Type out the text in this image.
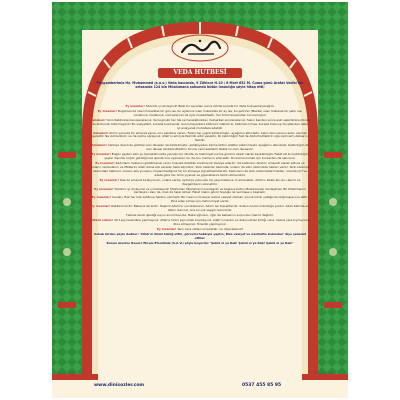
VEDA HUTBESİ
Peygamberimiz Hz. Muhammed (s.a.v.) Veda haccında, 9 Zilhicce H.10 / 6 Mart 632 M. Cuma günü Arafat Vadisi'nin ortasında 124 bin Müslümana şahsında bütün insanlığa şöyle hitap etti;

Ey insanlar! Sözümü iyi dinleyiniz! Belki bu seneden sonra sizinle burada bir daha buluşamayacağım.

Ey insanlar! Bugünleriniz nasıl mukaddes bir gün ise, bu aylarınız nasıl mukaddes bir ay ise, bu şehriniz (Mekke) nasıl mübarek bir şehir ise, canlarınız, mallarınız, namuslarınız da öyle mukaddestir, her türlü tecavüzden korunmuştur.

Ashabım! Yarın Rabbinize kavuşacaksınız. Ve bugünkü her hal ve hareketinizden muhakkak sorulacaksınız. Sakın benden sonra eski sapıklıklara dönüp de birbirinizi öldürmeyiniz! Bu vasiyetimi, burada bulunanlar, bulunmayanlara bildirsin! Olabilir ki, bildirilen kimse, burada bulunup ta işitenden daha iyi anlayarak muhafaza edebilir.

Ashabım! Kimin yanında bir emanet varsa, onu sahibine versin. Faizin her çeşidi kaldırılmıştır, ayağımın altındadır. Lakin borcunuzun aslını vermek gerektir. Ne zulmedinizi, ne de zulme uğrayınız. Allah'ın emriyle faizcilik artık yasaktır. Ilk kaldırdığım faiz de Abdulmuttalib'in oğlu (amcam) Abbas'ın faizidir.

Ashabım! Cahiliye devrinde güdülen kan davaları da kaldırılmıştır, ashâbiyeden kalma bütün adetler kaldırılmıştır. Ayağımın altındadır. Kaldırdığım ilk kan davası Abdulmuttalib'in torunu (amcazadem) Rabia'nın kan davasıdır.

Ey insanlar! Bugün şeytan sizin şu topraklarınızda yeniden bir otorite ve hakimiyet kurma gücünü ebedi olarak kaybetmiştir. Fakat siz bu kaldırdığım şeyler dışında, küçük gördüğünüz işlerde ona uyarsanız, bu da onu memnun edecektir. Dininizi korumak için bunlardan da sakınınız.

Ey insanlar! Kadınların haklarını gözetmenizi ve bu hususta Allahtan korkmanızı tavsiye ederim. Siz kadınları, Allah'ın emaneti olarak aldınız ve onların namuslarını ve iffetlerini Allah adına söz vererek helal edindiniz. Sizin kadınlar üzerinde, onların da sizin üzerinizde hakları vardır. Sizin kadınlar üzerindeki hakkınız, onların aile yuvasını, hoşlanmadığınız hiç bir kimseye çiğnetmemeleridir. Kadınların da sizin üzerinizdeki hakları, marufa (örf ve adete göre her türlü yiyecek ve giyeceklerini temin etmenizdir.

Ey insanlar! Size iki emanet bırakıyorum, onlara sarılıp uydukça yolunuzu hiç şaşırmazsınız. O emanetler, Allah'ın kitabı Kur-an-ı Kerim ve Peygamberin sünnetidir.

Ey insanlar! Sözümü iyi dinleyiniz ve iyi belleyiniz! Müslüman Müslümanın kardeşidir ve böylece bütün Müslümanlar kardeştirler. Bir Müslümanın kardeşinin kanı da, malı da helal olmaz. Fakat malını gönül hoşluğu ile vermişse o başkadır.

Ey insanlar! Cenab-ı Hak her hak sahibine hakkını vermiştir. Bir insanın mirasçısı lehine vasiyet olamaz. Çocuk kimin yatağında doğmuşsa ona aittir. Zina eden kimse için mahrumiyet vardır.

Ey insanlar! Rabbiniz birdir. Babanız da birdir. Hepiniz Adem'in çocuklarısınız. Adem ise topraktandır. Arabın Acemi üstünlüğü yoktur. Allah katında en üstün olanınız, ona en çok saygılı olanınızdır.

Herkes kendi işlediği suçun sorumlusudur. Baba oğlunun, oğlu da babasının suçundan mes'ul değildir.

Dikkat ediniz! dört şeyi kesinlikle yapmayınız: Allah'a hiçbir şeyi ortak koşmayınız. Allah'ın haram ve dokunulmaz kıldığı cana, haksız yere kıymayınız. Zina etmeyiniz. Hırsızlık yapmayınız.

Ey insanlar! Yarın beni sizden soracaklar, ne diyeceksiniz?

Ashab birden şöyle dediler: 'Allah'ın dinini tebliğ ettin, görevini hakkıyla yaptın, Bize vasiyet ve nasihatte bulundun' diye şahadet ettiler.

Bunun üzerine Resul-i Ekrem Efendimiz (S.A.V.) şöyle buyurdu: 'Şahid ol ya Rab! Şahid ol ya Rab! Şahid ol ya Rab!'

B25D716-H3G9	B25D716-H3G9
www.dinisozler.com	0537 455 85 95
